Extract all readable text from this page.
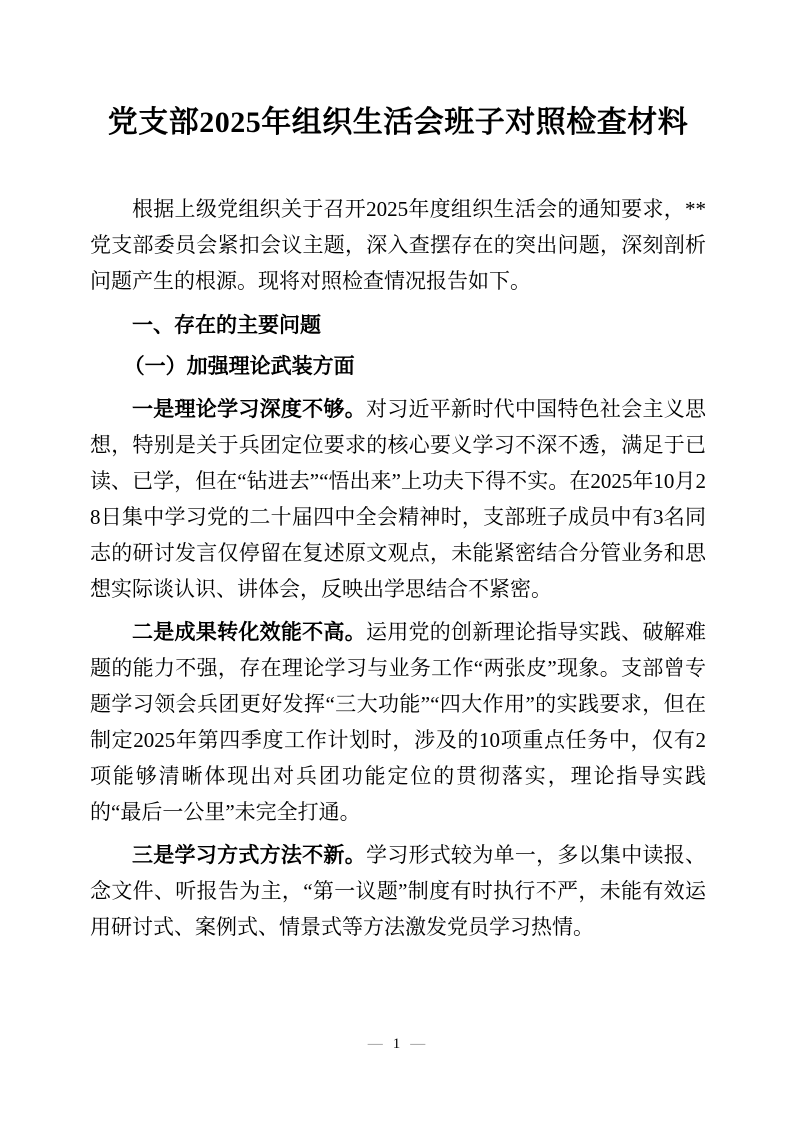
党支部2025年组织生活会班子对照检查材料

根据上级党组织关于召开2025年度组织生活会的通知要求，**党支部委员会紧扣会议主题，深入查摆存在的突出问题，深刻剖析问题产生的根源。现将对照检查情况报告如下。

一、存在的主要问题
（一）加强理论武装方面

一是理论学习深度不够。对习近平新时代中国特色社会主义思想，特别是关于兵团定位要求的核心要义学习不深不透，满足于已读、已学，但在“钻进去”“悟出来”上功夫下得不实。在2025年10月28日集中学习党的二十届四中全会精神时，支部班子成员中有3名同志的研讨发言仅停留在复述原文观点，未能紧密结合分管业务和思想实际谈认识、讲体会，反映出学思结合不紧密。

二是成果转化效能不高。运用党的创新理论指导实践、破解难题的能力不强，存在理论学习与业务工作“两张皮”现象。支部曾专题学习领会兵团更好发挥“三大功能”“四大作用”的实践要求，但在制定2025年第四季度工作计划时，涉及的10项重点任务中，仅有2项能够清晰体现出对兵团功能定位的贯彻落实，理论指导实践的“最后一公里”未完全打通。

三是学习方式方法不新。学习形式较为单一，多以集中读报、念文件、听报告为主，“第一议题”制度有时执行不严，未能有效运用研讨式、案例式、情景式等方法激发党员学习热情。

— 1 —
